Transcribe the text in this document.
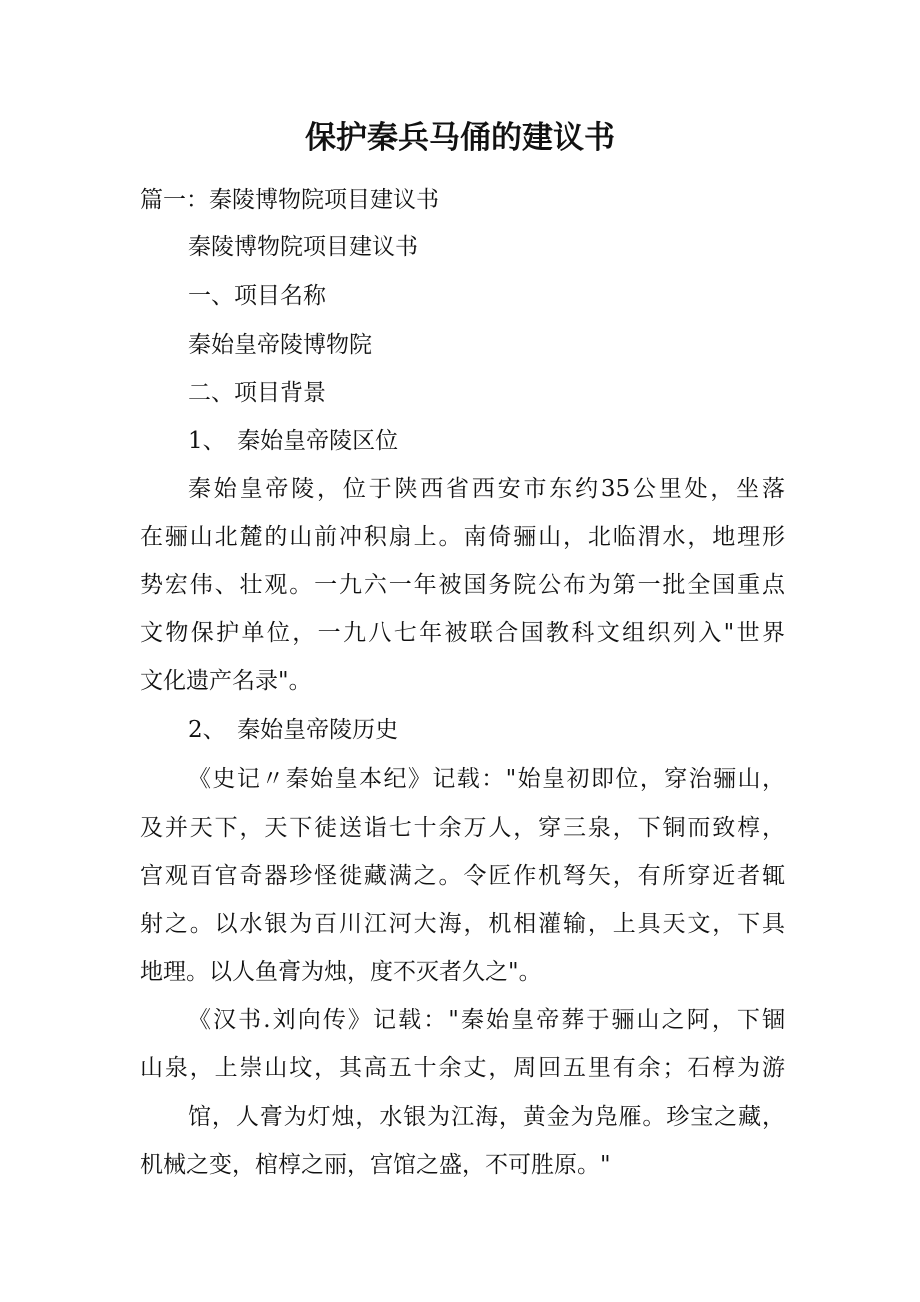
保护秦兵马俑的建议书
篇一：秦陵博物院项目建议书
秦陵博物院项目建议书
一、项目名称
秦始皇帝陵博物院
二、项目背景
1、　秦始皇帝陵区位
秦始皇帝陵，位于陕西省西安市东约35公里处，坐落
在骊山北麓的山前冲积扇上。南倚骊山，北临渭水，地理形
势宏伟、壮观。一九六一年被国务院公布为第一批全国重点
文物保护单位，一九八七年被联合国教科文组织列入"世界
文化遗产名录"。
2、　秦始皇帝陵历史
《史记〃秦始皇本纪》记载："始皇初即位，穿治骊山，
及并天下，天下徒送诣七十余万人，穿三泉，下铜而致椁，
宫观百官奇器珍怪徙藏满之。令匠作机弩矢，有所穿近者辄
射之。以水银为百川江河大海，机相灌输，上具天文，下具
地理。以人鱼膏为烛，度不灭者久之"。
《汉书.刘向传》记载："秦始皇帝葬于骊山之阿，下锢
山泉，上崇山坟，其高五十余丈，周回五里有余；石椁为游
馆，人膏为灯烛，水银为江海，黄金为凫雁。珍宝之藏，
机械之变，棺椁之丽，宫馆之盛，不可胜原。"
